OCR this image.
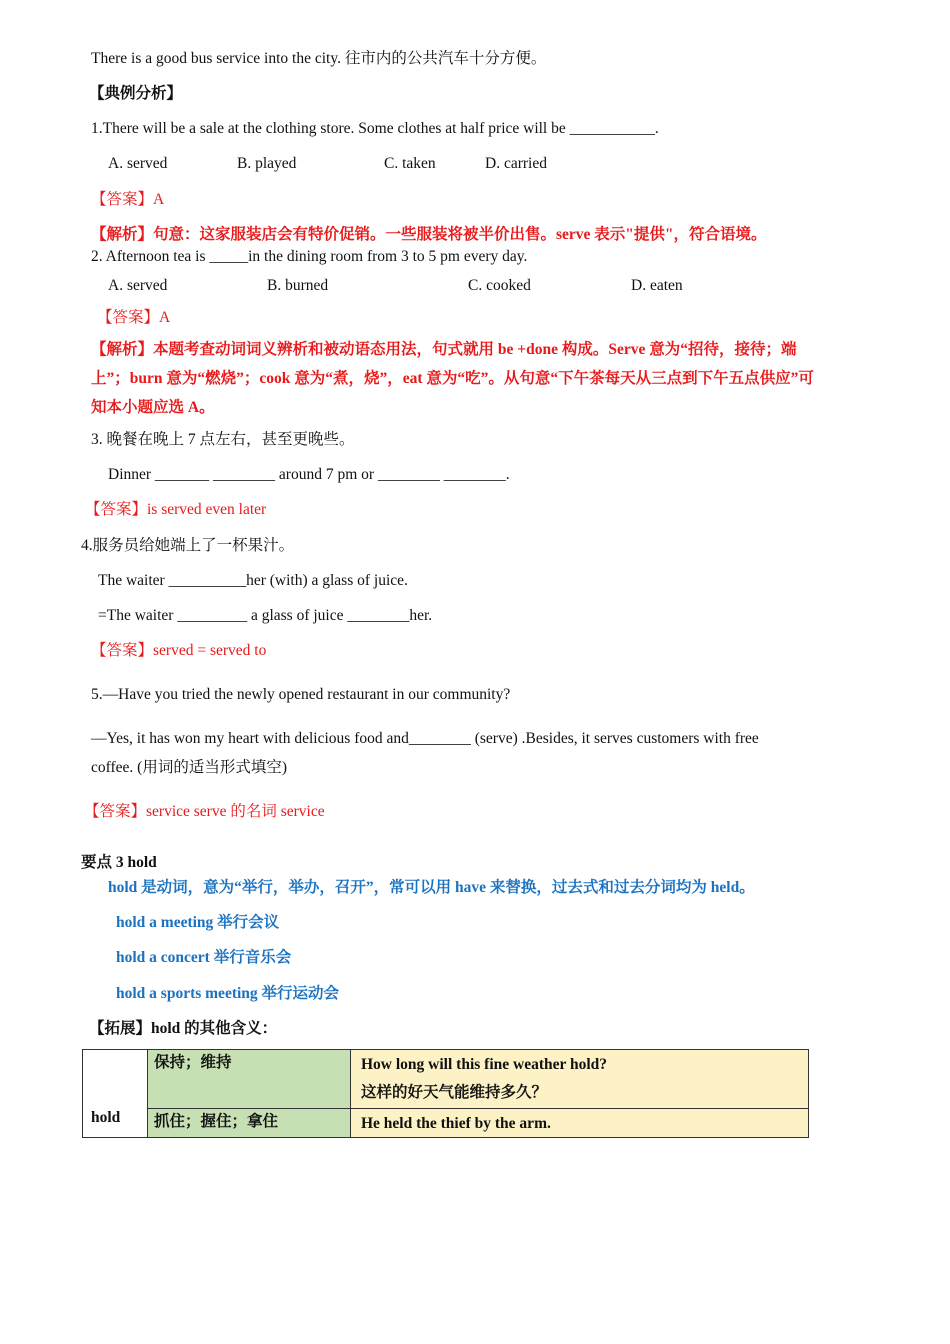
There is a good bus service into the city. 往市内的公共汽车十分方便。
【典例分析】
1.There will be a sale at the clothing store. Some clothes at half price will be ___________.
A. served	B. played	C. taken	D. carried
【答案】A
【解析】句意：这家服装店会有特价促销。一些服装将被半价出售。serve 表示"提供"，符合语境。
2. Afternoon tea is _____in the dining room from 3 to 5 pm every day.
A. served	B. burned	C. cooked	D. eaten
【答案】A
【解析】本题考查动词词义辨析和被动语态用法，句式就用 be +done 构成。Serve 意为“招待，接待；端
上”；burn 意为“燃烧”；cook 意为“煮，烧”，eat 意为“吃”。从句意“下午茶每天从三点到下午五点供应”可
知本小题应选 A。
3. 晚餐在晚上 7 点左右，甚至更晚些。
Dinner _______ ________ around 7 pm or ________ ________.
【答案】is served even later
4.服务员给她端上了一杯果汁。
The waiter __________her (with) a glass of juice.
=The waiter _________ a glass of juice ________her.
【答案】served = served to
5.—Have you tried the newly opened restaurant in our community?
—Yes, it has won my heart with delicious food and________ (serve) .Besides, it serves customers with free
coffee. (用词的适当形式填空)
【答案】service serve 的名词 service
要点 3 hold
hold 是动词，意为“举行，举办，召开”，常可以用 have 来替换，过去式和过去分词均为 held。
hold a meeting 举行会议
hold a concert 举行音乐会
hold a sports meeting 举行运动会
【拓展】hold 的其他含义：
hold	保持；维持	How long will this fine weather hold?
这样的好天气能维持多久？

	抓住；握住；拿住	He held the thief by the arm.
